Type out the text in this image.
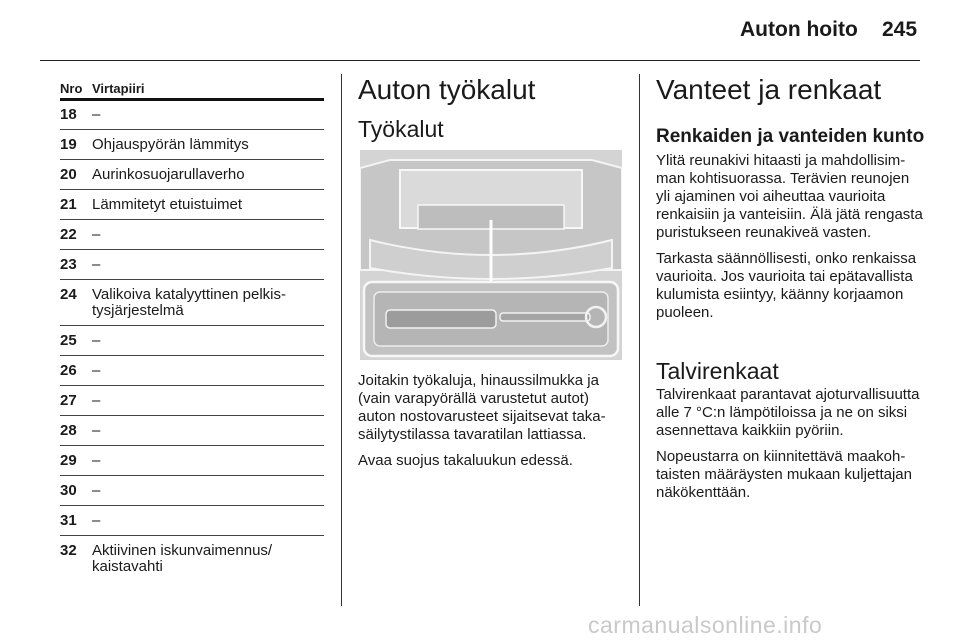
Auton hoito 245
Nro Virtapiiri
18	–
19	Ohjauspyörän lämmitys
20	Aurinkosuojarullaverho
21	Lämmitetyt etuistuimet
22	–
23	–
24	Valikoiva katalyyttinen pelkistysjärjestelmä
25	–
26	–
27	–
28	–
29	–
30	–
31	–
32	Aktiivinen iskunvaimennus/ kaistavahti
Auton työkalut
Työkalut

Joitakin työkaluja, hinaussilmukka ja (vain varapyörällä varustetut autot) auton nostovarusteet sijaitsevat takasäilytystilassa tavaratilan lattiassa.

Avaa suojus takaluukun edessä.

Vanteet ja renkaat
Renkaiden ja vanteiden kunto

Ylitä reunakivi hitaasti ja mahdollisimman kohtisuorassa. Terävien reunojen yli ajaminen voi aiheuttaa vaurioita renkaisiin ja vanteisiin. Älä jätä rengasta puristukseen reunakiveä vasten.

Tarkasta säännöllisesti, onko renkaissa vaurioita. Jos vaurioita tai epätavallista kulumista esiintyy, käänny korjaamon puoleen.

Talvirenkaat

Talvirenkaat parantavat ajoturvallisuutta alle 7 °C:n lämpötiloissa ja ne on siksi asennettava kaikkiin pyöriin.

Nopeustarra on kiinnitettävä maakohtaisten määräysten mukaan kuljettajan näkökenttään.

carmanualsonline.info
